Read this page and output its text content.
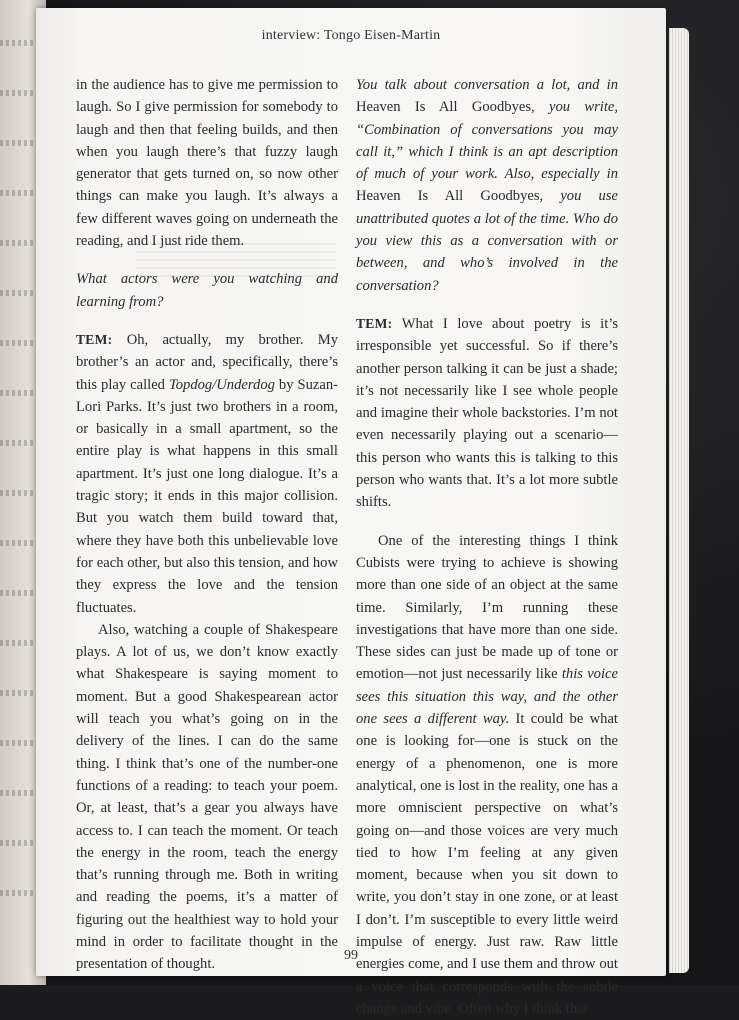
interview: Tongo Eisen-Martin

in the audience has to give me permission to laugh. So I give permission for somebody to laugh and then that feeling builds, and then when you laugh there’s that fuzzy laugh generator that gets turned on, so now other things can make you laugh. It’s always a few different waves going on underneath the reading, and I just ride them.

What actors were you watching and learning from?

TEM: Oh, actually, my brother. My brother’s an actor and, specifically, there’s this play called Topdog/Underdog by Suzan-Lori Parks. It’s just two brothers in a room, or basically in a small apartment, so the entire play is what happens in this small apartment. It’s just one long dialogue. It’s a tragic story; it ends in this major collision. But you watch them build toward that, where they have both this unbelievable love for each other, but also this tension, and how they express the love and the tension fluctuates.

Also, watching a couple of Shakespeare plays. A lot of us, we don’t know exactly what Shakespeare is saying moment to moment. But a good Shakespearean actor will teach you what’s going on in the delivery of the lines. I can do the same thing. I think that’s one of the number-one functions of a reading: to teach your poem. Or, at least, that’s a gear you always have access to. I can teach the moment. Or teach the energy in the room, teach the energy that’s running through me. Both in writing and reading the poems, it’s a matter of figuring out the healthiest way to hold your mind in order to facilitate thought in the presentation of thought.

You talk about conversation a lot, and in Heaven Is All Goodbyes, you write, “Combination of conversations you may call it,” which I think is an apt description of much of your work. Also, especially in Heaven Is All Goodbyes, you use unattributed quotes a lot of the time. Who do you view this as a conversation with or between, and who’s involved in the conversation?

TEM: What I love about poetry is it’s irresponsible yet successful. So if there’s another person talking it can be just a shade; it’s not necessarily like I see whole people and imagine their whole backstories. I’m not even necessarily playing out a scenario—this person who wants this is talking to this person who wants that. It’s a lot more subtle shifts.

One of the interesting things I think Cubists were trying to achieve is showing more than one side of an object at the same time. Similarly, I’m running these investigations that have more than one side. These sides can just be made up of tone or emotion—not just necessarily like this voice sees this situation this way, and the other one sees a different way. It could be what one is looking for—one is stuck on the energy of a phenomenon, one is more analytical, one is lost in the reality, one has a more omniscient perspective on what’s going on—and those voices are very much tied to how I’m feeling at any given moment, because when you sit down to write, you don’t stay in one zone, or at least I don’t. I’m susceptible to every little weird impulse of energy. Just raw. Raw little energies come, and I use them and throw out a voice that corresponds with the subtle change and vibe. Often why I think that

99
